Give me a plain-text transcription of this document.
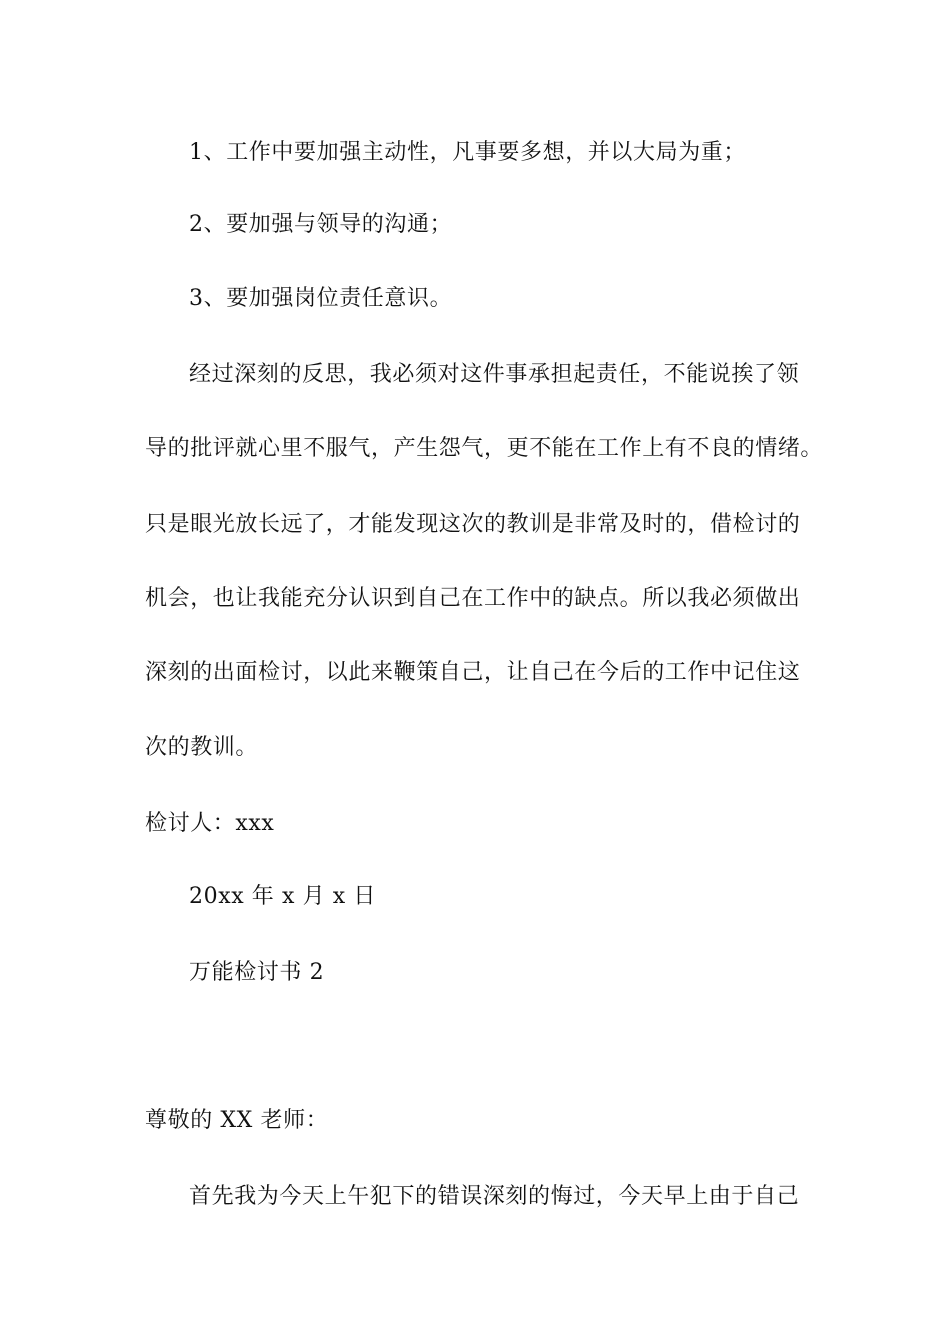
1、工作中要加强主动性，凡事要多想，并以大局为重；
2、要加强与领导的沟通；
3、要加强岗位责任意识。
经过深刻的反思，我必须对这件事承担起责任，不能说挨了领
导的批评就心里不服气，产生怨气，更不能在工作上有不良的情绪。
只是眼光放长远了，才能发现这次的教训是非常及时的，借检讨的
机会，也让我能充分认识到自己在工作中的缺点。所以我必须做出
深刻的出面检讨，以此来鞭策自己，让自己在今后的工作中记住这
次的教训。
检讨人：xxx
20xx 年 x 月 x 日
万能检讨书 2
尊敬的 XX 老师：
首先我为今天上午犯下的错误深刻的悔过，今天早上由于自己
